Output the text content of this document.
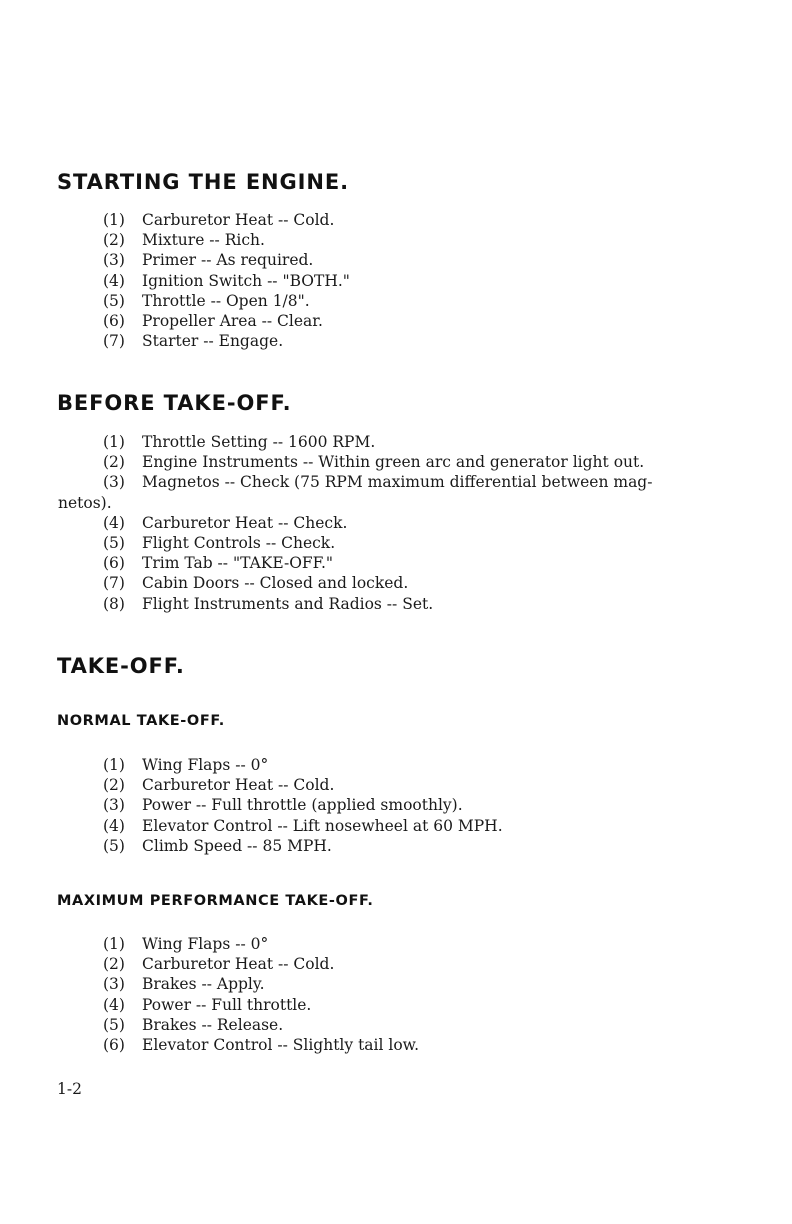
STARTING THE ENGINE.
(1) Carburetor Heat -- Cold.
(2) Mixture -- Rich.
(3) Primer -- As required.
(4) Ignition Switch -- "BOTH."
(5) Throttle -- Open 1/8".
(6) Propeller Area -- Clear.
(7) Starter -- Engage.
BEFORE TAKE-OFF.
(1) Throttle Setting -- 1600 RPM.
(2) Engine Instruments -- Within green arc and generator light out.
(3) Magnetos -- Check (75 RPM maximum differential between mag-
netos).
(4) Carburetor Heat -- Check.
(5) Flight Controls -- Check.
(6) Trim Tab -- "TAKE-OFF."
(7) Cabin Doors -- Closed and locked.
(8) Flight Instruments and Radios -- Set.
TAKE-OFF.
NORMAL TAKE-OFF.
(1) Wing Flaps -- 0°
(2) Carburetor Heat -- Cold.
(3) Power -- Full throttle (applied smoothly).
(4) Elevator Control -- Lift nosewheel at 60 MPH.
(5) Climb Speed -- 85 MPH.
MAXIMUM PERFORMANCE TAKE-OFF.
(1) Wing Flaps -- 0°
(2) Carburetor Heat -- Cold.
(3) Brakes -- Apply.
(4) Power -- Full throttle.
(5) Brakes -- Release.
(6) Elevator Control -- Slightly tail low.
1-2
